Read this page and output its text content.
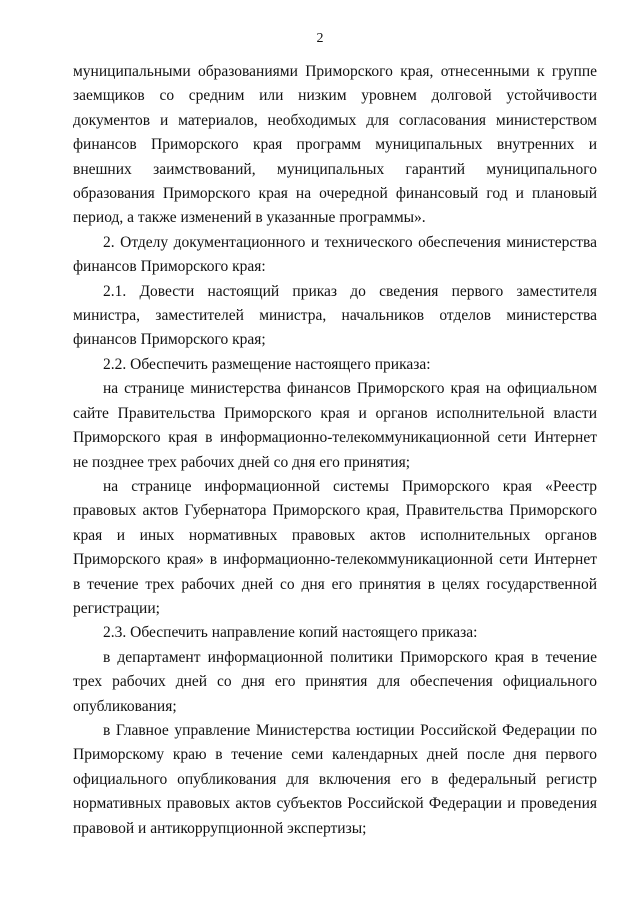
2

муниципальными образованиями Приморского края, отнесенными к группе заемщиков со средним или низким уровнем долговой устойчивости документов и материалов, необходимых для согласования министерством финансов Приморского края программ муниципальных внутренних и внешних заимствований, муниципальных гарантий муниципального образования Приморского края на очередной финансовый год и плановый период, а также изменений в указанные программы».

2. Отделу документационного и технического обеспечения министерства финансов Приморского края:

2.1. Довести настоящий приказ до сведения первого заместителя министра, заместителей министра, начальников отделов министерства финансов Приморского края;

2.2. Обеспечить размещение настоящего приказа:

на странице министерства финансов Приморского края на официальном сайте Правительства Приморского края и органов исполнительной власти Приморского края в информационно-телекоммуникационной сети Интернет не позднее трех рабочих дней со дня его принятия;

на странице информационной системы Приморского края «Реестр правовых актов Губернатора Приморского края, Правительства Приморского края и иных нормативных правовых актов исполнительных органов Приморского края» в информационно-телекоммуникационной сети Интернет в течение трех рабочих дней со дня его принятия в целях государственной регистрации;

2.3. Обеспечить направление копий настоящего приказа:

в департамент информационной политики Приморского края в течение трех рабочих дней со дня его принятия для обеспечения официального опубликования;

в Главное управление Министерства юстиции Российской Федерации по Приморскому краю в течение семи календарных дней после дня первого официального опубликования для включения его в федеральный регистр нормативных правовых актов субъектов Российской Федерации и проведения правовой и антикоррупционной экспертизы;
